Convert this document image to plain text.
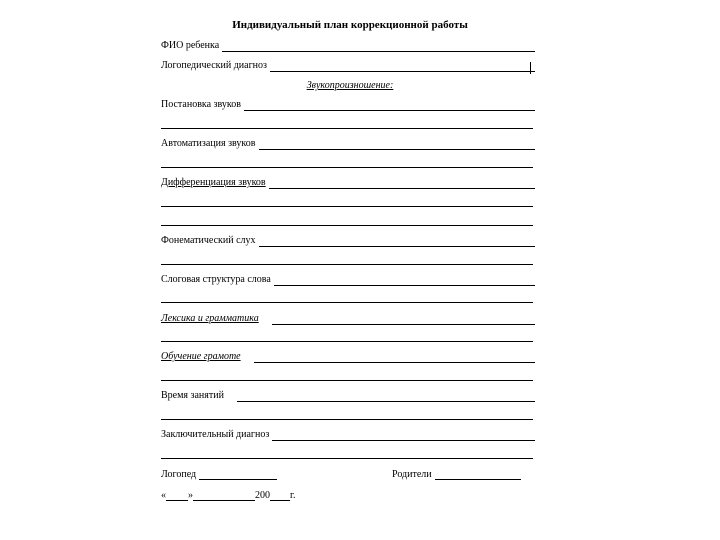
Индивидуальный план коррекционной работы
ФИО ребенка
Логопедический диагноз
Звукопроизношение:
Постановка звуков
Автоматизация звуков
Дифференциация звуков
Фонематический слух
Слоговая структура слова
Лексика и грамматика
Обучение грамоте
Время занятий
Заключительный диагноз
Логопед	Родители
« »	200 г.
